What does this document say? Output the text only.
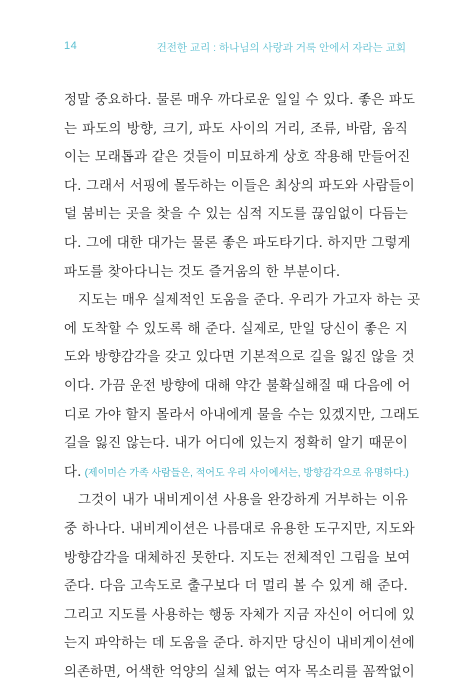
14	건전한 교리 : 하나님의 사랑과 거룩 안에서 자라는 교회
정말 중요하다. 물론 매우 까다로운 일일 수 있다. 좋은 파도
는 파도의 방향, 크기, 파도 사이의 거리, 조류, 바람, 움직
이는 모래톱과 같은 것들이 미묘하게 상호 작용해 만들어진
다. 그래서 서핑에 몰두하는 이들은 최상의 파도와 사람들이
덜 붐비는 곳을 찾을 수 있는 심적 지도를 끊임없이 다듬는
다. 그에 대한 대가는 물론 좋은 파도타기다. 하지만 그렇게
파도를 찾아다니는 것도 즐거움의 한 부분이다.
지도는 매우 실제적인 도움을 준다. 우리가 가고자 하는 곳
에 도착할 수 있도록 해 준다. 실제로, 만일 당신이 좋은 지
도와 방향감각을 갖고 있다면 기본적으로 길을 잃진 않을 것
이다. 가끔 운전 방향에 대해 약간 불확실해질 때 다음에 어
디로 가야 할지 몰라서 아내에게 물을 수는 있겠지만, 그래도
길을 잃진 않는다. 내가 어디에 있는지 정확히 알기 때문이
다. (제이미슨 가족 사람들은, 적어도 우리 사이에서는, 방향감각으로 유명하다.)
그것이 내가 내비게이션 사용을 완강하게 거부하는 이유
중 하나다. 내비게이션은 나름대로 유용한 도구지만, 지도와
방향감각을 대체하진 못한다. 지도는 전체적인 그림을 보여
준다. 다음 고속도로 출구보다 더 멀리 볼 수 있게 해 준다.
그리고 지도를 사용하는 행동 자체가 지금 자신이 어디에 있
는지 파악하는 데 도움을 준다. 하지만 당신이 내비게이션에
의존하면, 어색한 억양의 실체 없는 여자 목소리를 꼼짝없이
